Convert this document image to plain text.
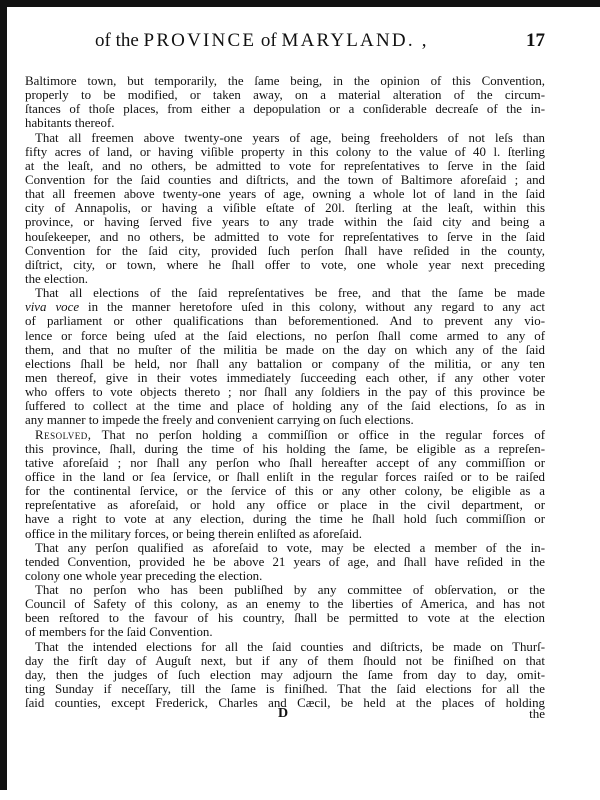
of the PROVINCE of MARYLAND. ,	17
Baltimore town, but temporarily, the ſame being, in the opinion of this Convention,
properly to be modified, or taken away, on a material alteration of the circum-
ſtances of thoſe places, from either a depopulation or a conſiderable decreaſe of the in-
habitants thereof.
That all freemen above twenty-one years of age, being freeholders of not leſs than
fifty acres of land, or having viſible property in this colony to the value of 40 l. ſterling
at the leaſt, and no others, be admitted to vote for repreſentatives to ſerve in the ſaid
Convention for the ſaid counties and diſtricts, and the town of Baltimore aforeſaid ; and
that all freemen above twenty-one years of age, owning a whole lot of land in the ſaid
city of Annapolis, or having a viſible eſtate of 20l. ſterling at the leaſt, within this
province, or having ſerved five years to any trade within the ſaid city and being a
houſekeeper, and no others, be admitted to vote for repreſentatives to ſerve in the ſaid
Convention for the ſaid city, provided ſuch perſon ſhall have reſided in the county,
diſtrict, city, or town, where he ſhall offer to vote, one whole year next preceding
the election.
That all elections of the ſaid repreſentatives be free, and that the ſame be made
viva voce in the manner heretofore uſed in this colony, without any regard to any act
of parliament or other qualifications than beforementioned. And to prevent any vio-
lence or force being uſed at the ſaid elections, no perſon ſhall come armed to any of
them, and that no muſter of the militia be made on the day on which any of the ſaid
elections ſhall be held, nor ſhall any battalion or company of the militia, or any ten
men thereof, give in their votes immediately ſucceeding each other, if any other voter
who offers to vote objects thereto ; nor ſhall any ſoldiers in the pay of this province be
ſuffered to collect at the time and place of holding any of the ſaid elections, ſo as in
any manner to impede the freely and convenient carrying on ſuch elections.
Resolved, That no perſon holding a commiſſion or office in the regular forces of
this province, ſhall, during the time of his holding the ſame, be eligible as a repreſen-
tative aforeſaid ; nor ſhall any perſon who ſhall hereafter accept of any commiſſion or
office in the land or ſea ſervice, or ſhall enliſt in the regular forces raiſed or to be raiſed
for the continental ſervice, or the ſervice of this or any other colony, be eligible as a
repreſentative as aforeſaid, or hold any office or place in the civil department, or
have a right to vote at any election, during the time he ſhall hold ſuch commiſſion or
office in the military forces, or being therein enliſted as aforeſaid.
That any perſon qualified as aforeſaid to vote, may be elected a member of the in-
tended Convention, provided he be above 21 years of age, and ſhall have reſided in the
colony one whole year preceding the election.
That no perſon who has been publiſhed by any committee of obſervation, or the
Council of Safety of this colony, as an enemy to the liberties of America, and has not
been reſtored to the favour of his country, ſhall be permitted to vote at the election
of members for the ſaid Convention.
That the intended elections for all the ſaid counties and diſtricts, be made on Thurſ-
day the firſt day of Auguſt next, but if any of them ſhould not be finiſhed on that
day, then the judges of ſuch election may adjourn the ſame from day to day, omit-
ting Sunday if neceſſary, till the ſame is finiſhed. That the ſaid elections for all the
ſaid counties, except Frederick, Charles and Cæcil, be held at the places of holding
D	the
